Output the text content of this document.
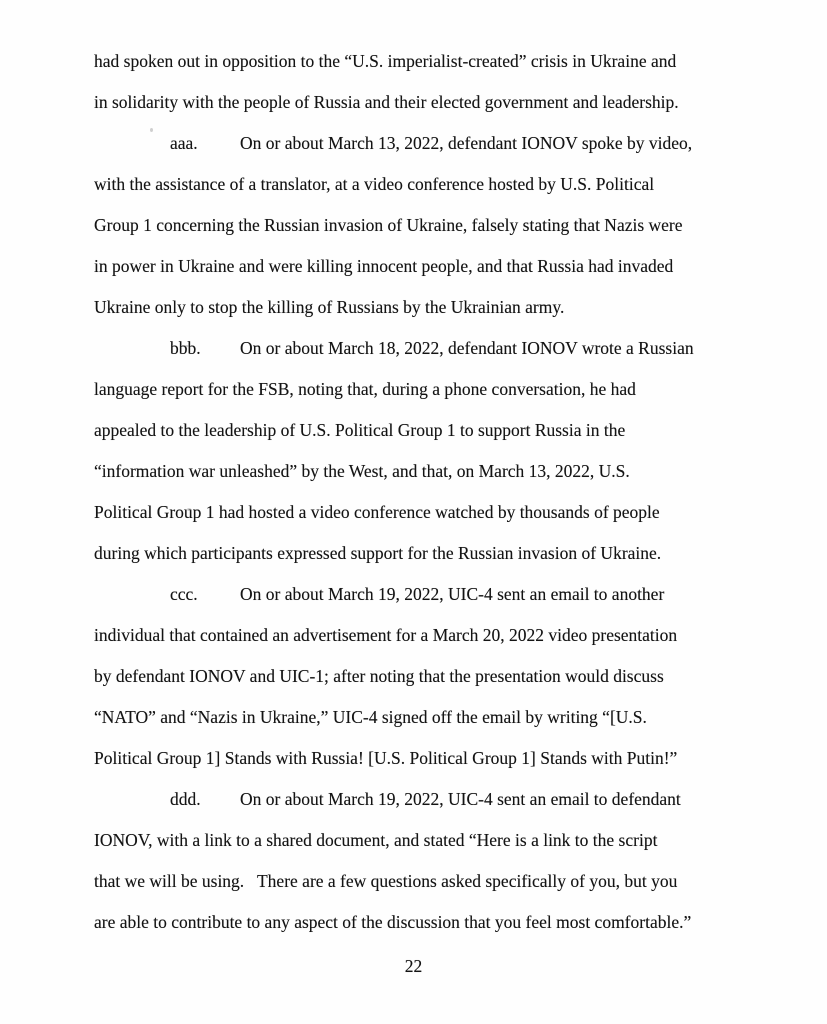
had spoken out in opposition to the “U.S. imperialist-created” crisis in Ukraine and
in solidarity with the people of Russia and their elected government and leadership.
aaa. On or about March 13, 2022, defendant IONOV spoke by video,
with the assistance of a translator, at a video conference hosted by U.S. Political
Group 1 concerning the Russian invasion of Ukraine, falsely stating that Nazis were
in power in Ukraine and were killing innocent people, and that Russia had invaded
Ukraine only to stop the killing of Russians by the Ukrainian army.
bbb. On or about March 18, 2022, defendant IONOV wrote a Russian
language report for the FSB, noting that, during a phone conversation, he had
appealed to the leadership of U.S. Political Group 1 to support Russia in the
“information war unleashed” by the West, and that, on March 13, 2022, U.S.
Political Group 1 had hosted a video conference watched by thousands of people
during which participants expressed support for the Russian invasion of Ukraine.
ccc. On or about March 19, 2022, UIC-4 sent an email to another
individual that contained an advertisement for a March 20, 2022 video presentation
by defendant IONOV and UIC-1; after noting that the presentation would discuss
“NATO” and “Nazis in Ukraine,” UIC-4 signed off the email by writing “[U.S.
Political Group 1] Stands with Russia! [U.S. Political Group 1] Stands with Putin!”
ddd. On or about March 19, 2022, UIC-4 sent an email to defendant
IONOV, with a link to a shared document, and stated “Here is a link to the script
that we will be using.   There are a few questions asked specifically of you, but you
are able to contribute to any aspect of the discussion that you feel most comfortable.”
22
